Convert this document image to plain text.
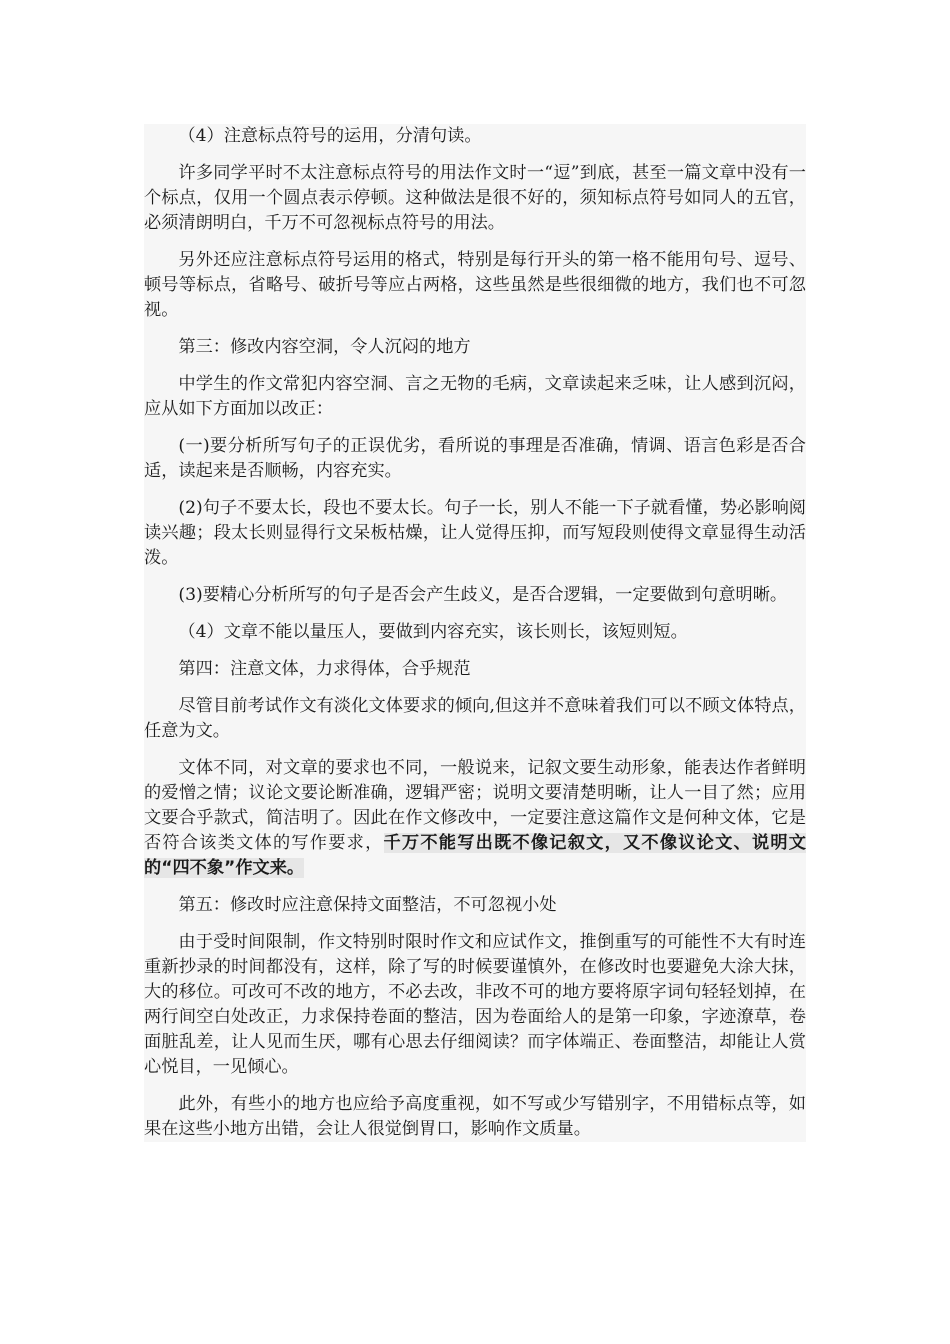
（4）注意标点符号的运用，分清句读。

许多同学平时不太注意标点符号的用法作文时一“逗”到底，甚至一篇文章中没有一个标点，仅用一个圆点表示停顿。这种做法是很不好的，须知标点符号如同人的五官，必须清朗明白，千万不可忽视标点符号的用法。

另外还应注意标点符号运用的格式，特别是每行开头的第一格不能用句号、逗号、顿号等标点，省略号、破折号等应占两格，这些虽然是些很细微的地方，我们也不可忽视。

第三：修改内容空洞，令人沉闷的地方

中学生的作文常犯内容空洞、言之无物的毛病，文章读起来乏味，让人感到沉闷，应从如下方面加以改正：

(一)要分析所写句子的正误优劣，看所说的事理是否准确，情调、语言色彩是否合适，读起来是否顺畅，内容充实。

(2)句子不要太长，段也不要太长。句子一长，别人不能一下子就看懂，势必影响阅读兴趣；段太长则显得行文呆板枯燥，让人觉得压抑，而写短段则使得文章显得生动活泼。

(3)要精心分析所写的句子是否会产生歧义，是否合逻辑，一定要做到句意明晰。

（4）文章不能以量压人，要做到内容充实，该长则长，该短则短。

第四：注意文体，力求得体，合乎规范

尽管目前考试作文有淡化文体要求的倾向,但这并不意味着我们可以不顾文体特点，任意为文。

文体不同，对文章的要求也不同，一般说来，记叙文要生动形象，能表达作者鲜明的爱憎之情；议论文要论断准确，逻辑严密；说明文要清楚明晰，让人一目了然；应用文要合乎款式，简洁明了。因此在作文修改中，一定要注意这篇作文是何种文体，它是否符合该类文体的写作要求，千万不能写出既不像记叙文，又不像议论文、说明文的“四不象”作文来。

第五：修改时应注意保持文面整洁，不可忽视小处

由于受时间限制，作文特别时限时作文和应试作文，推倒重写的可能性不大有时连重新抄录的时间都没有，这样，除了写的时候要谨慎外，在修改时也要避免大涂大抹，大的移位。可改可不改的地方，不必去改，非改不可的地方要将原字词句轻轻划掉，在两行间空白处改正，力求保持卷面的整洁，因为卷面给人的是第一印象，字迹潦草，卷面脏乱差，让人见而生厌，哪有心思去仔细阅读？而字体端正、卷面整洁，却能让人赏心悦目，一见倾心。

此外，有些小的地方也应给予高度重视，如不写或少写错别字，不用错标点等，如果在这些小地方出错，会让人很觉倒胃口，影响作文质量。
